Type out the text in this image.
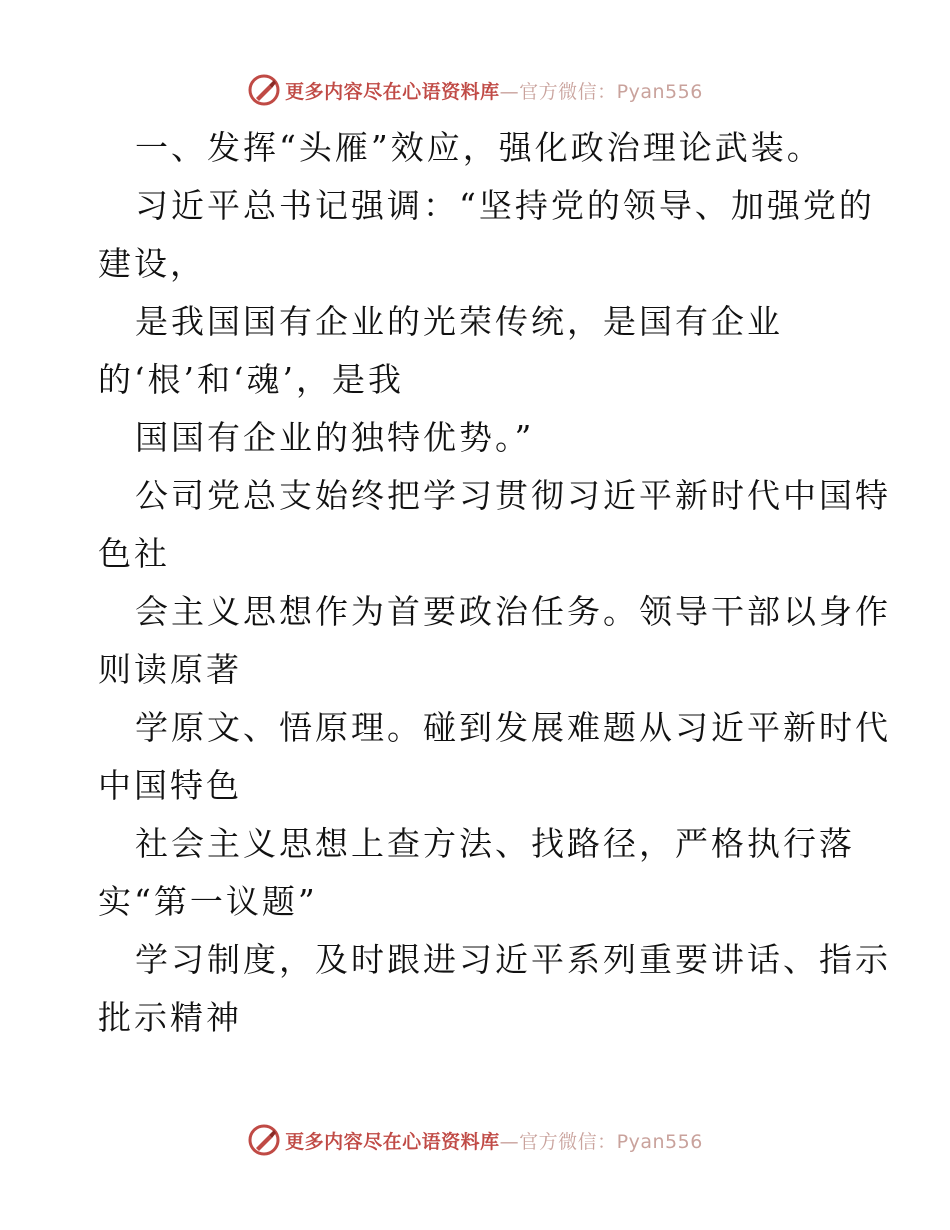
更多内容尽在心语资料库—官方微信：Pyan556
一、发挥“头雁”效应，强化政治理论武装。
习近平总书记强调：“坚持党的领导、加强党的
建设，
是我国国有企业的光荣传统，是国有企业
的‘根’和‘魂’，是我
国国有企业的独特优势。”
公司党总支始终把学习贯彻习近平新时代中国特
色社
会主义思想作为首要政治任务。领导干部以身作
则读原著
学原文、悟原理。碰到发展难题从习近平新时代
中国特色
社会主义思想上查方法、找路径，严格执行落
实“第一议题”
学习制度，及时跟进习近平系列重要讲话、指示
批示精神
更多内容尽在心语资料库—官方微信：Pyan556
